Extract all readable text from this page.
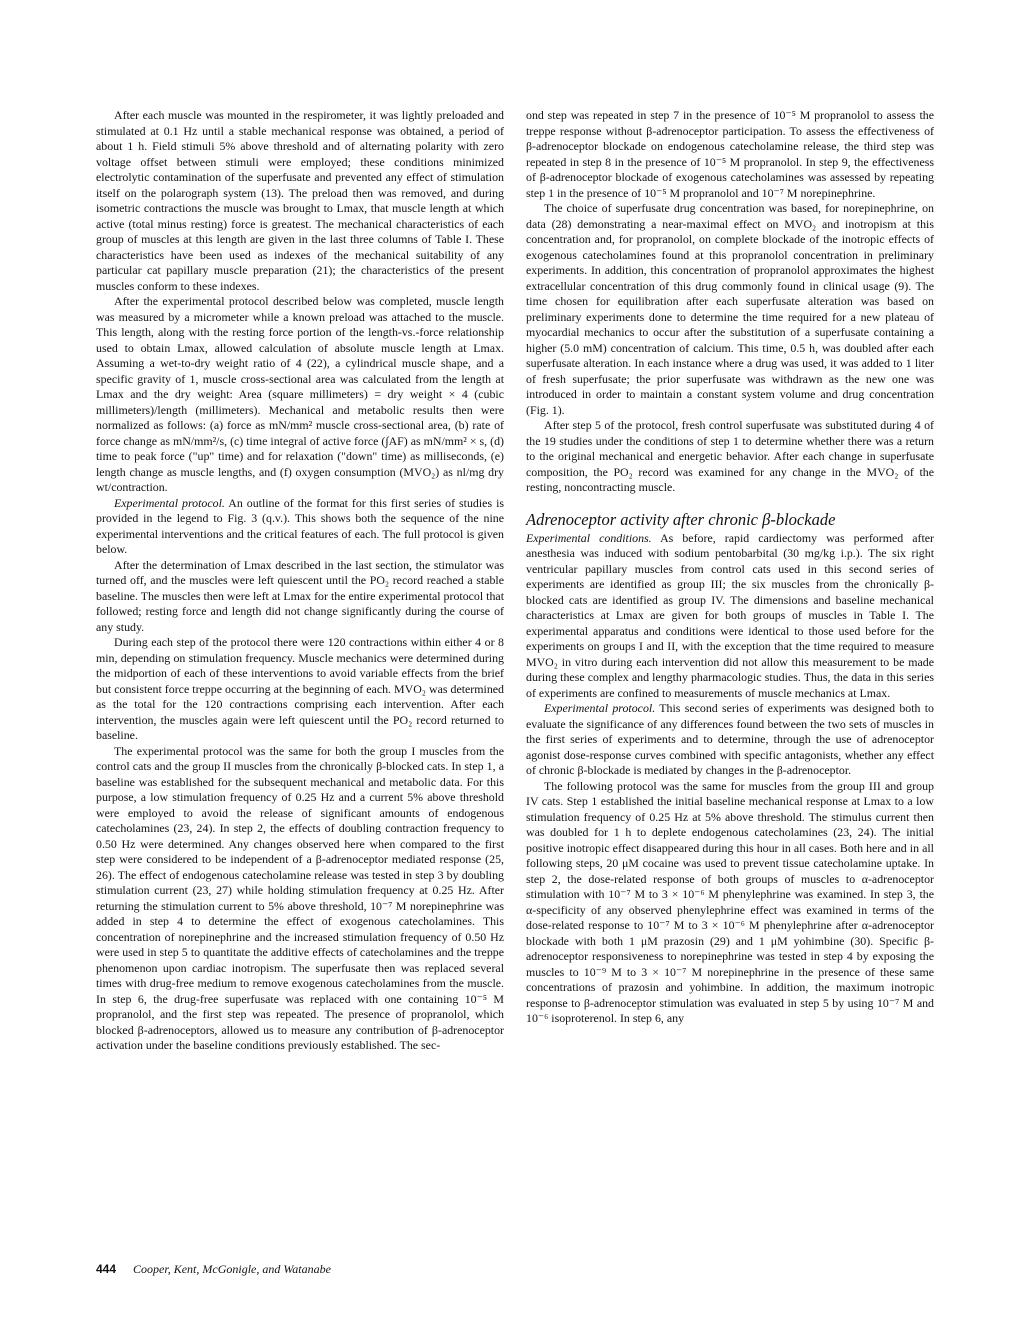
After each muscle was mounted in the respirometer, it was lightly preloaded and stimulated at 0.1 Hz until a stable mechanical response was obtained, a period of about 1 h. Field stimuli 5% above threshold and of alternating polarity with zero voltage offset between stimuli were employed; these conditions minimized electrolytic contamination of the superfusate and prevented any effect of stimulation itself on the polarograph system (13). The preload then was removed, and during isometric contractions the muscle was brought to Lmax, that muscle length at which active (total minus resting) force is greatest. The mechanical characteristics of each group of muscles at this length are given in the last three columns of Table I. These characteristics have been used as indexes of the mechanical suitability of any particular cat papillary muscle preparation (21); the characteristics of the present muscles conform to these indexes.

After the experimental protocol described below was completed, muscle length was measured by a micrometer while a known preload was attached to the muscle. This length, along with the resting force portion of the length-vs.-force relationship used to obtain Lmax, allowed calculation of absolute muscle length at Lmax. Assuming a wet-to-dry weight ratio of 4 (22), a cylindrical muscle shape, and a specific gravity of 1, muscle cross-sectional area was calculated from the length at Lmax and the dry weight: Area (square millimeters) = dry weight × 4 (cubic millimeters)/length (millimeters). Mechanical and metabolic results then were normalized as follows: (a) force as mN/mm² muscle cross-sectional area, (b) rate of force change as mN/mm²/s, (c) time integral of active force (∫AF) as mN/mm² × s, (d) time to peak force ("up" time) and for relaxation ("down" time) as milliseconds, (e) length change as muscle lengths, and (f) oxygen consumption (MVO₂) as nl/mg dry wt/contraction.

Experimental protocol. An outline of the format for this first series of studies is provided in the legend to Fig. 3 (q.v.). This shows both the sequence of the nine experimental interventions and the critical features of each. The full protocol is given below.

After the determination of Lmax described in the last section, the stimulator was turned off, and the muscles were left quiescent until the PO₂ record reached a stable baseline. The muscles then were left at Lmax for the entire experimental protocol that followed; resting force and length did not change significantly during the course of any study.

During each step of the protocol there were 120 contractions within either 4 or 8 min, depending on stimulation frequency. Muscle mechanics were determined during the midportion of each of these interventions to avoid variable effects from the brief but consistent force treppe occurring at the beginning of each. MVO₂ was determined as the total for the 120 contractions comprising each intervention. After each intervention, the muscles again were left quiescent until the PO₂ record returned to baseline.

The experimental protocol was the same for both the group I muscles from the control cats and the group II muscles from the chronically β-blocked cats. In step 1, a baseline was established for the subsequent mechanical and metabolic data. For this purpose, a low stimulation frequency of 0.25 Hz and a current 5% above threshold were employed to avoid the release of significant amounts of endogenous catecholamines (23, 24). In step 2, the effects of doubling contraction frequency to 0.50 Hz were determined. Any changes observed here when compared to the first step were considered to be independent of a β-adrenoceptor mediated response (25, 26). The effect of endogenous catecholamine release was tested in step 3 by doubling stimulation current (23, 27) while holding stimulation frequency at 0.25 Hz. After returning the stimulation current to 5% above threshold, 10⁻⁷ M norepinephrine was added in step 4 to determine the effect of exogenous catecholamines. This concentration of norepinephrine and the increased stimulation frequency of 0.50 Hz were used in step 5 to quantitate the additive effects of catecholamines and the treppe phenomenon upon cardiac inotropism. The superfusate then was replaced several times with drug-free medium to remove exogenous catecholamines from the muscle. In step 6, the drug-free superfusate was replaced with one containing 10⁻⁵ M propranolol, and the first step was repeated. The presence of propranolol, which blocked β-adrenoceptors, allowed us to measure any contribution of β-adrenoceptor activation under the baseline conditions previously established. The sec-

ond step was repeated in step 7 in the presence of 10⁻⁵ M propranolol to assess the treppe response without β-adrenoceptor participation. To assess the effectiveness of β-adrenoceptor blockade on endogenous catecholamine release, the third step was repeated in step 8 in the presence of 10⁻⁵ M propranolol. In step 9, the effectiveness of β-adrenoceptor blockade of exogenous catecholamines was assessed by repeating step 1 in the presence of 10⁻⁵ M propranolol and 10⁻⁷ M norepinephrine.

The choice of superfusate drug concentration was based, for norepinephrine, on data (28) demonstrating a near-maximal effect on MVO₂ and inotropism at this concentration and, for propranolol, on complete blockade of the inotropic effects of exogenous catecholamines found at this propranolol concentration in preliminary experiments. In addition, this concentration of propranolol approximates the highest extracellular concentration of this drug commonly found in clinical usage (9). The time chosen for equilibration after each superfusate alteration was based on preliminary experiments done to determine the time required for a new plateau of myocardial mechanics to occur after the substitution of a superfusate containing a higher (5.0 mM) concentration of calcium. This time, 0.5 h, was doubled after each superfusate alteration. In each instance where a drug was used, it was added to 1 liter of fresh superfusate; the prior superfusate was withdrawn as the new one was introduced in order to maintain a constant system volume and drug concentration (Fig. 1).

After step 5 of the protocol, fresh control superfusate was substituted during 4 of the 19 studies under the conditions of step 1 to determine whether there was a return to the original mechanical and energetic behavior. After each change in superfusate composition, the PO₂ record was examined for any change in the MVO₂ of the resting, noncontracting muscle.

Adrenoceptor activity after chronic β-blockade

Experimental conditions. As before, rapid cardiectomy was performed after anesthesia was induced with sodium pentobarbital (30 mg/kg i.p.). The six right ventricular papillary muscles from control cats used in this second series of experiments are identified as group III; the six muscles from the chronically β-blocked cats are identified as group IV. The dimensions and baseline mechanical characteristics at Lmax are given for both groups of muscles in Table I. The experimental apparatus and conditions were identical to those used before for the experiments on groups I and II, with the exception that the time required to measure MVO₂ in vitro during each intervention did not allow this measurement to be made during these complex and lengthy pharmacologic studies. Thus, the data in this series of experiments are confined to measurements of muscle mechanics at Lmax.

Experimental protocol. This second series of experiments was designed both to evaluate the significance of any differences found between the two sets of muscles in the first series of experiments and to determine, through the use of adrenoceptor agonist dose-response curves combined with specific antagonists, whether any effect of chronic β-blockade is mediated by changes in the β-adrenoceptor.

The following protocol was the same for muscles from the group III and group IV cats. Step 1 established the initial baseline mechanical response at Lmax to a low stimulation frequency of 0.25 Hz at 5% above threshold. The stimulus current then was doubled for 1 h to deplete endogenous catecholamines (23, 24). The initial positive inotropic effect disappeared during this hour in all cases. Both here and in all following steps, 20 μM cocaine was used to prevent tissue catecholamine uptake. In step 2, the dose-related response of both groups of muscles to α-adrenoceptor stimulation with 10⁻⁷ M to 3 × 10⁻⁶ M phenylephrine was examined. In step 3, the α-specificity of any observed phenylephrine effect was examined in terms of the dose-related response to 10⁻⁷ M to 3 × 10⁻⁶ M phenylephrine after α-adrenoceptor blockade with both 1 μM prazosin (29) and 1 μM yohimbine (30). Specific β-adrenoceptor responsiveness to norepinephrine was tested in step 4 by exposing the muscles to 10⁻⁹ M to 3 × 10⁻⁷ M norepinephrine in the presence of these same concentrations of prazosin and yohimbine. In addition, the maximum inotropic response to β-adrenoceptor stimulation was evaluated in step 5 by using 10⁻⁷ M and 10⁻⁶ isoproterenol. In step 6, any

444 Cooper, Kent, McGonigle, and Watanabe
